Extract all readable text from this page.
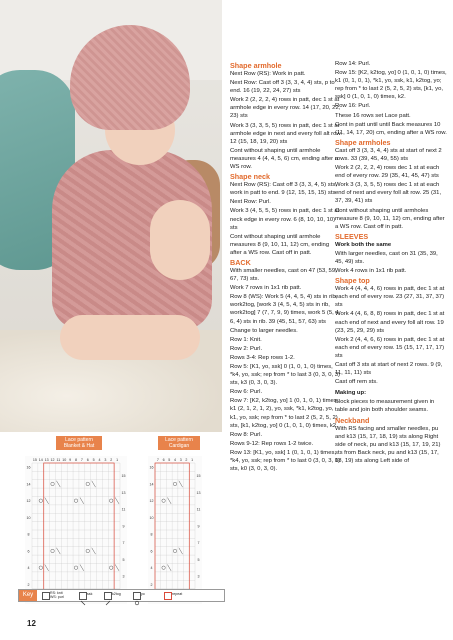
Lace pattern
Blanket & Hat
Lace pattern
Cardigan
15 14 13 12 11 10 9 8 7 6 5 4 3 2 1
16
14
12
10
8
6
4
2
15
13
11
9
7
5
3
7 6 5 4 3 2 1
16
14
12
10
8
6
4
2
15
13
11
9
7
5
3
Key	RS: knit
WS: purl
ssk	k2tog	yo	repeat
12
Shape armhole
Next Row (RS): Work in patt.
Next Row: Cast off 3 (3, 3, 4, 4) sts, p to end. 16 (19, 22, 24, 27) sts
Work 2 (2, 2, 2, 4) rows in patt, dec 1 st at armhole edge in every row. 14 (17, 20, 22, 23) sts
Work 3 (3, 3, 5, 5) rows in patt, dec 1 st at armhole edge in next and every foll alt row. 12 (15, 18, 19, 20) sts
Cont without shaping until armhole measures 4 (4, 4, 5, 6) cm, ending after a WS row.
Shape neck
Next Row (RS): Cast off 3 (3, 3, 4, 5) sts, work in patt to end. 9 (12, 15, 15, 15) sts
Next Row: Purl.
Work 3 (4, 5, 5, 5) rows in patt, dec 1 st at neck edge in every row. 6 (8, 10, 10, 10) sts
Cont without shaping until armhole measures 8 (9, 10, 11, 12) cm, ending after a WS row. Cast off in patt.
BACK
With smaller needles, cast on 47 (53, 59, 67, 73) sts.
Work 7 rows in 1x1 rib patt.
Row 8 (WS): Work 5 (4, 4, 5, 4) sts in rib, work2tog, [work 3 (4, 5, 4, 5) sts in rib, work2tog] 7 (7, 7, 9, 9) times, work 5 (5, 4, 6, 4) sts in rib. 39 (45, 51, 57, 63) sts
Change to larger needles.
Row 1: Knit.
Row 2: Purl.
Rows 3-4: Rep rows 1-2.
Row 5: [K1, yo, ssk] 0 (1, 0, 1, 0) times, *k4, yo, ssk; rep from * to last 3 (0, 3, 0, 3) sts, k3 (0, 3, 0, 3).
Row 6: Purl.
Row 7: [K2, k2tog, yo] 1 (0, 1, 0, 1) times, k1 (2, 1, 2, 1, 2), yo, ssk, *k1, k2tog, yo, k1, yo, ssk; rep from * to last 2 (5, 2, 5, 2) sts, [k1, k2tog, yo] 0 (1, 0, 1, 0) times, k2.
Row 8: Purl.
Rows 9-12: Rep rows 1-2 twice.
Row 13: [K1, yo, ssk] 1 (0, 1, 0, 1) times, *k4, yo, ssk; rep from * to last 0 (3, 0, 3, 0) sts, k0 (3, 0, 3, 0).
Row 14: Purl.
Row 15: [K2, k2tog, yo] 0 (1, 0, 1, 0) times, k1 (0, 1, 0, 1), *k1, yo, ssk, k1, k2tog, yo; rep from * to last 2 (5, 2, 5, 2) sts, [k1, yo, ssk] 0 (1, 0, 1, 0) times, k2.
Row 16: Purl.
These 16 rows set Lace patt.
Cont in patt until until Back measures 10 (11, 14, 17, 20) cm, ending after a WS row.
Shape armholes
Cast off 3 (3, 3, 4, 4) sts at start of next 2 rows. 33 (39, 45, 49, 55) sts
Work 2 (2, 2, 2, 4) rows dec 1 st at each end of every row. 29 (35, 41, 45, 47) sts
Work 3 (3, 3, 5, 5) rows dec 1 st at each end of next and every foll alt row. 25 (31, 37, 39, 41) sts
Cont without shaping until armholes measure 8 (9, 10, 11, 12) cm, ending after a WS row. Cast off in patt.
SLEEVES
Work both the same
With larger needles, cast on 31 (35, 39, 45, 49) sts.
Work 4 rows in 1x1 rib patt.
Shape top
Work 4 (4, 4, 4, 6) rows in patt, dec 1 st at each end of every row. 23 (27, 31, 37, 37) sts
Work 4 (4, 6, 8, 8) rows in patt, dec 1 st at each end of next and every foll alt row. 19 (23, 25, 29, 29) sts
Work 2 (4, 4, 6, 6) rows in patt, dec 1 st at each end of every row. 15 (15, 17, 17, 17) sts
Cast off 3 sts at start of next 2 rows. 9 (9, 11, 11, 11) sts
Cast off rem sts.
Making up:
Block pieces to measurement given in table and join both shoulder seams.
Neckband
With RS facing and smaller needles, pu and k13 (15, 17, 18, 19) sts along Right side of neck, pu and k13 (15, 17, 19, 21) sts from Back neck, pu and k13 (15, 17, 18, 19) sts along Left side of
